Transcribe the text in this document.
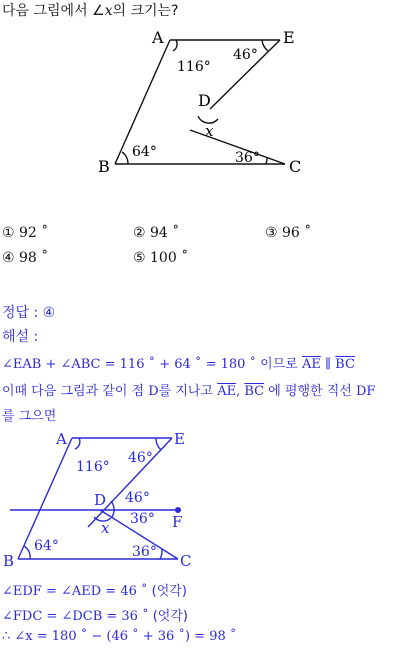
다음 그림에서 ∠x의 크기는?
A	E
D
B	C
116°
46°
64°	36°
x
① 92 ˚	② 94 ˚	③ 96 ˚
④ 98 ˚	⑤ 100 ˚
정답 : ④
해설 :
∠EAB + ∠ABC = 116 ˚ + 64 ˚ = 180 ˚ 이므로 $\overline{AE}$ ∥ $\overline{BC}$
이때 다음 그림과 같이 점 D를 지나고 $\overline{AE}$, $\overline{BC}$ 에 평행한 직선 DF
를 그으면
A	E
D
F
B	C
116°
46°
64°	36°
46°
36°
x
∠EDF = ∠AED = 46 ˚ (엇각)
∠FDC = ∠DCB = 36 ˚ (엇각)
∴ ∠x = 180 ˚ − (46 ˚ + 36 ˚) = 98 ˚
